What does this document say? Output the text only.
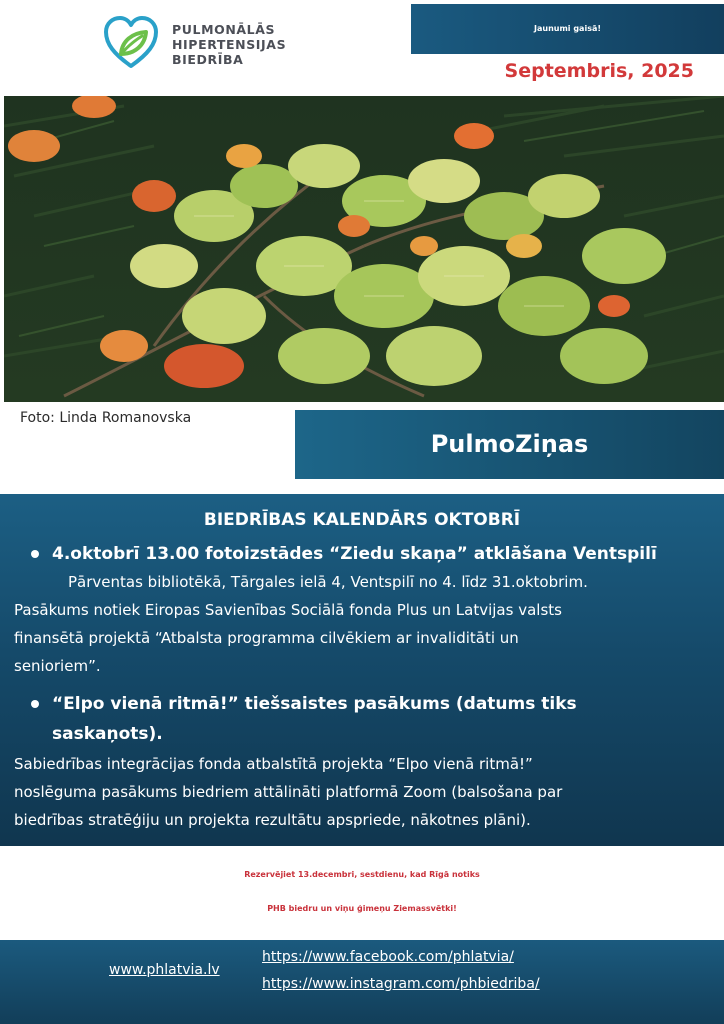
PULMONĀLĀS
HIPERTENSIJAS
BIEDRĪBA
Jaunumi gaisā!
Septembris, 2025
Foto: Linda Romanovska
PulmoZiņas
BIEDRĪBAS KALENDĀRS OKTOBRĪ
4.oktobrī 13.00 fotoizstādes “Ziedu skaņa” atklāšana Ventspilī
Pārventas bibliotēkā, Tārgales ielā 4, Ventspilī no 4. līdz 31.oktobrim.
Pasākums notiek Eiropas Savienības Sociālā fonda Plus un Latvijas valsts
finansētā projektā “Atbalsta programma cilvēkiem ar invaliditāti un
senioriem”.
“Elpo vienā ritmā!” tiešsaistes pasākums (datums tiks
saskaņots).
Sabiedrības integrācijas fonda atbalstītā projekta “Elpo vienā ritmā!”
noslēguma pasākums biedriem attālināti platformā Zoom (balsošana par
biedrības stratēģiju un projekta rezultātu apspriede, nākotnes plāni).
Rezervējiet 13.decembri, sestdienu, kad Rīgā notiks
PHB biedru un viņu ģimeņu Ziemassvētki!
www.phlatvia.lv
https://www.facebook.com/phlatvia/
https://www.instagram.com/phbiedriba/
